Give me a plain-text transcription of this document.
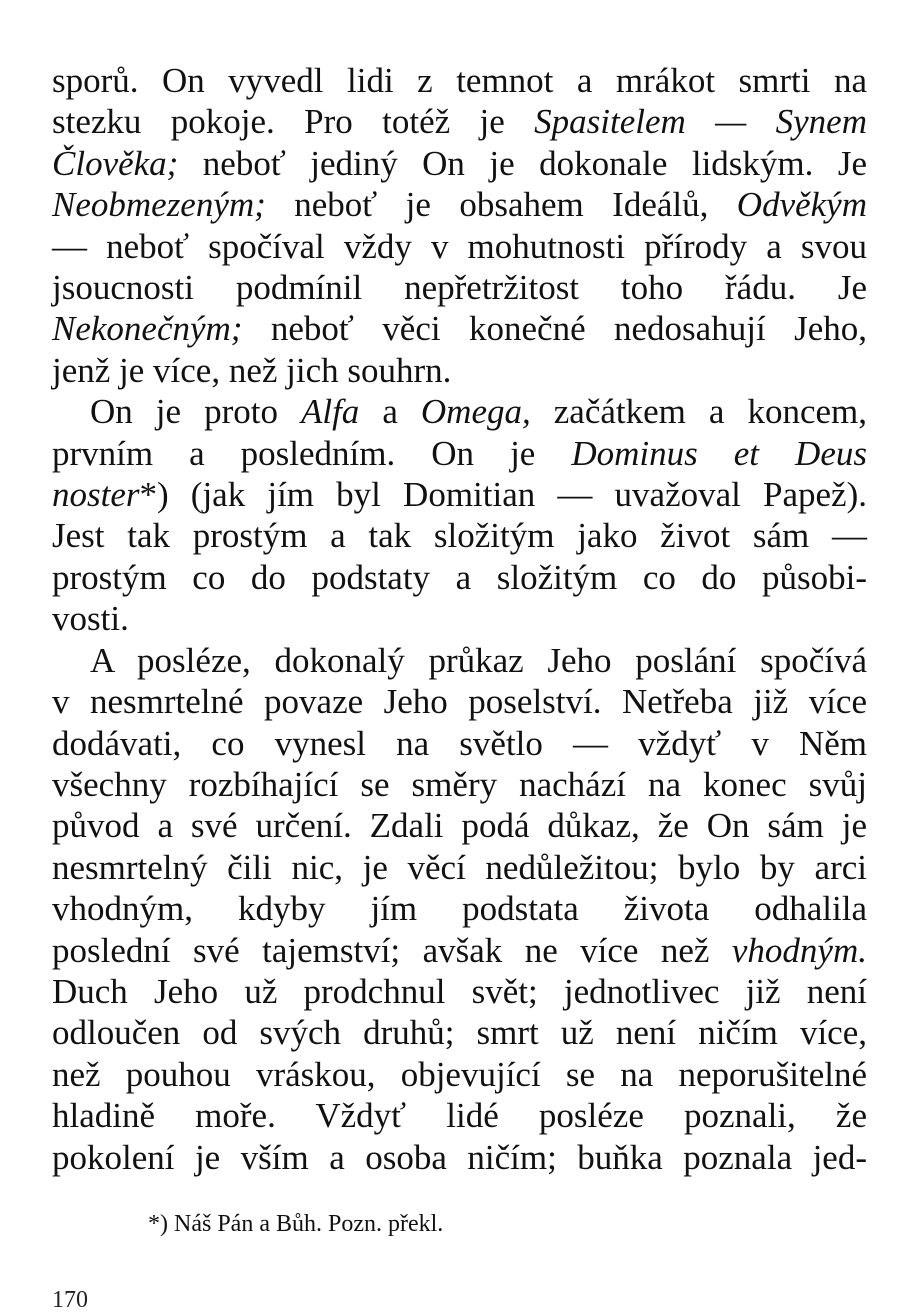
sporů. On vyvedl lidi z temnot a mrákot smrti na
stezku pokoje. Pro totéž je Spasitelem — Synem
Člověka; neboť jediný On je dokonale lidským. Je
Neobmezeným; neboť je obsahem Ideálů, Odvěkým
— neboť spočíval vždy v mohutnosti přírody a svou
jsoucnosti podmínil nepřetržitost toho řádu. Je
Nekonečným; neboť věci konečné nedosahují Jeho,
jenž je více, než jich souhrn.
On je proto Alfa a Omega, začátkem a koncem,
prvním a posledním. On je Dominus et Deus
noster*) (jak jím byl Domitian — uvažoval Papež).
Jest tak prostým a tak složitým jako život sám —
prostým co do podstaty a složitým co do působi-
vosti.
A posléze, dokonalý průkaz Jeho poslání spočívá
v nesmrtelné povaze Jeho poselství. Netřeba již více
dodávati, co vynesl na světlo — vždyť v Něm
všechny rozbíhající se směry nachází na konec svůj
původ a své určení. Zdali podá důkaz, že On sám je
nesmrtelný čili nic, je věcí nedůležitou; bylo by arci
vhodným, kdyby jím podstata života odhalila
poslední své tajemství; avšak ne více než vhodným.
Duch Jeho už prodchnul svět; jednotlivec již není
odloučen od svých druhů; smrt už není ničím více,
než pouhou vráskou, objevující se na neporušitelné
hladině moře. Vždyť lidé posléze poznali, že
pokolení je vším a osoba ničím; buňka poznala jed-
*) Náš Pán a Bůh. Pozn. překl.
170
